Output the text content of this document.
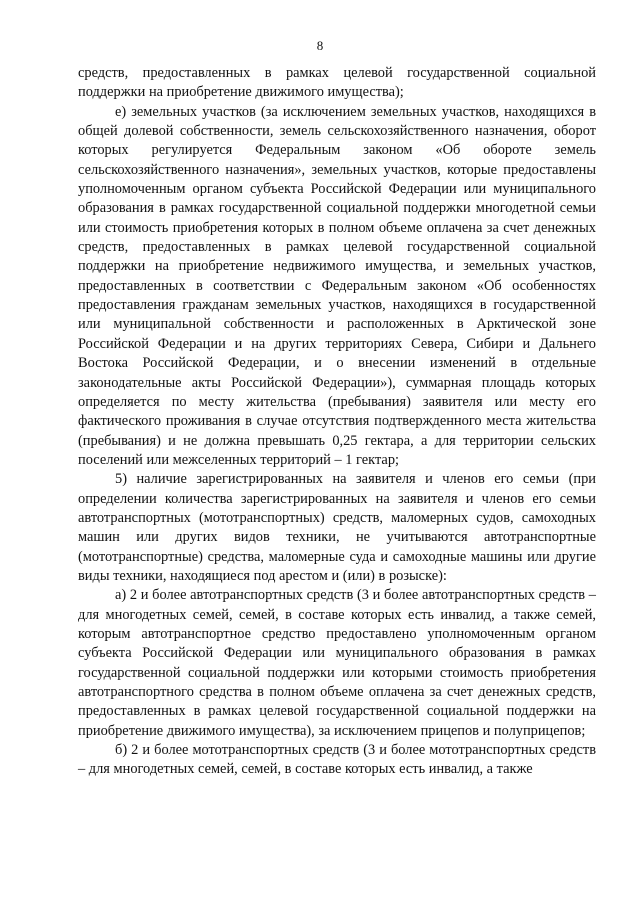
8

средств, предоставленных в рамках целевой государственной социальной поддержки на приобретение движимого имущества);

е) земельных участков (за исключением земельных участков, находящихся в общей долевой собственности, земель сельскохозяйственного назначения, оборот которых регулируется Федеральным законом «Об обороте земель сельскохозяйственного назначения», земельных участков, которые предоставлены уполномоченным органом субъекта Российской Федерации или муниципального образования в рамках государственной социальной поддержки многодетной семьи или стоимость приобретения которых в полном объеме оплачена за счет денежных средств, предоставленных в рамках целевой государственной социальной поддержки на приобретение недвижимого имущества, и земельных участков, предоставленных в соответствии с Федеральным законом «Об особенностях предоставления гражданам земельных участков, находящихся в государственной или муниципальной собственности и расположенных в Арктической зоне Российской Федерации и на других территориях Севера, Сибири и Дальнего Востока Российской Федерации, и о внесении изменений в отдельные законодательные акты Российской Федерации»), суммарная площадь которых определяется по месту жительства (пребывания) заявителя или месту его фактического проживания в случае отсутствия подтвержденного места жительства (пребывания) и не должна превышать 0,25 гектара, а для территории сельских поселений или межселенных территорий – 1 гектар;

5) наличие зарегистрированных на заявителя и членов его семьи (при определении количества зарегистрированных на заявителя и членов его семьи автотранспортных (мототранспортных) средств, маломерных судов, самоходных машин или других видов техники, не учитываются автотранспортные (мототранспортные) средства, маломерные суда и самоходные машины или другие виды техники, находящиеся под арестом и (или) в розыске):

а) 2 и более автотранспортных средств (3 и более автотранспортных средств – для многодетных семей, семей, в составе которых есть инвалид, а также семей, которым автотранспортное средство предоставлено уполномоченным органом субъекта Российской Федерации или муниципального образования в рамках государственной социальной поддержки или которыми стоимость приобретения автотранспортного средства в полном объеме оплачена за счет денежных средств, предоставленных в рамках целевой государственной социальной поддержки на приобретение движимого имущества), за исключением прицепов и полуприцепов;

б) 2 и более мототранспортных средств (3 и более мототранспортных средств – для многодетных семей, семей, в составе которых есть инвалид, а также
